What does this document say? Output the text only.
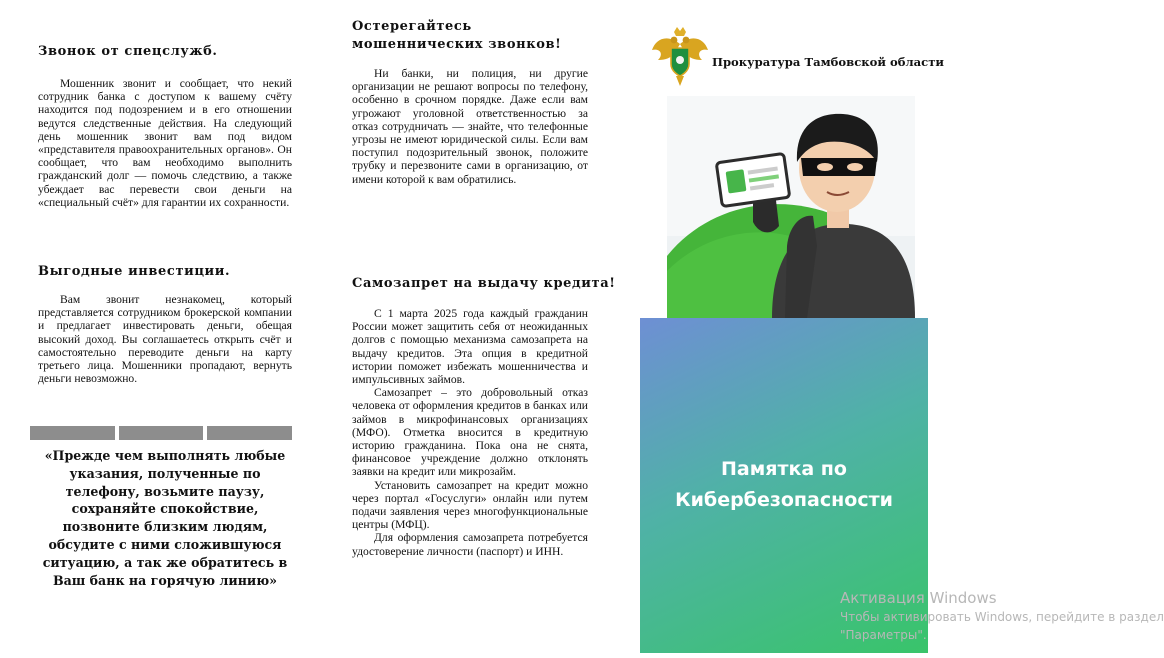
Звонок от спецслужб.

Мошенник звонит и сообщает, что некий сотрудник банка с доступом к вашему счёту находится под подозрением и в его отношении ведутся следственные действия. На следующий день мошенник звонит вам под видом «представителя правоохранительных органов». Он сообщает, что вам необходимо выполнить гражданский долг — помочь следствию, а также убеждает вас перевести свои деньги на «специальный счёт» для гарантии их сохранности.

Выгодные инвестиции.

Вам звонит незнакомец, который представляется сотрудником брокерской компании и предлагает инвестировать деньги, обещая высокий доход. Вы соглашаетесь открыть счёт и самостоятельно переводите деньги на карту третьего лица. Мошенники пропадают, вернуть деньги невозможно.

«Прежде чем выполнять любые указания, полученные по телефону, возьмите паузу, сохраняйте спокойствие, позвоните близким людям, обсудите с ними сложившуюся ситуацию, а так же обратитесь в Ваш банк на горячую линию»
Остерегайтесь мошеннических звонков!

Ни банки, ни полиция, ни другие организации не решают вопросы по телефону, особенно в срочном порядке. Даже если вам угрожают уголовной ответственностью за отказ сотрудничать — знайте, что телефонные угрозы не имеют юридической силы. Если вам поступил подозрительный звонок, положите трубку и перезвоните сами в организацию, от имени которой к вам обратились.

Самозапрет на выдачу кредита!

С 1 марта 2025 года каждый гражданин России может защитить себя от неожиданных долгов с помощью механизма самозапрета на выдачу кредитов. Эта опция в кредитной истории поможет избежать мошенничества и импульсивных займов.

Самозапрет – это добровольный отказ человека от оформления кредитов в банках или займов в микрофинансовых организациях (МФО). Отметка вносится в кредитную историю гражданина. Пока она не снята, финансовое учреждение должно отклонять заявки на кредит или микрозайм.

Установить самозапрет на кредит можно через портал «Госуслуги» онлайн или путем подачи заявления через многофункциональные центры (МФЦ).

Для оформления самозапрета потребуется удостоверение личности (паспорт) и ИНН.

Прокуратура Тамбовской области
Памятка по
Кибербезопасности
Активация Windows
Чтобы активировать Windows, перейдите в раздел
"Параметры".
